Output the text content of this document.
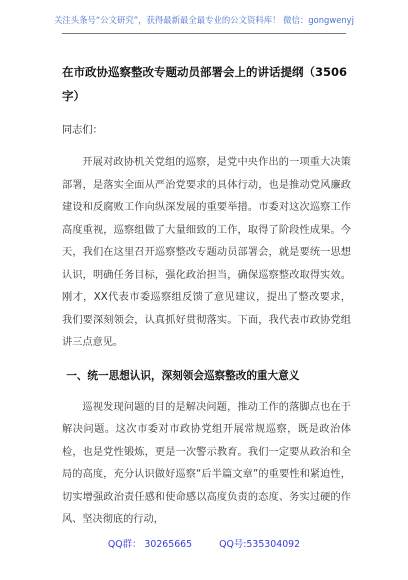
关注头条号“公文研究”，获得最新最全最专业的公文资料库！ 微信：gongwenyj
在市政协巡察整改专题动员部署会上的讲话提纲（3506字）
同志们：

开展对政协机关党组的巡察，是党中央作出的一项重大决策部署，是落实全面从严治党要求的具体行动，也是推动党风廉政建设和反腐败工作向纵深发展的重要举措。市委对这次巡察工作高度重视，巡察组做了大量细致的工作，取得了阶段性成果。今天，我们在这里召开巡察整改专题动员部署会，就是要统一思想认识，明确任务目标，强化政治担当，确保巡察整改取得实效。刚才，XX代表市委巡察组反馈了意见建议，提出了整改要求，我们要深刻领会，认真抓好贯彻落实。下面，我代表市政协党组讲三点意见。

一、统一思想认识，深刻领会巡察整改的重大意义

巡视发现问题的目的是解决问题，推动工作的落脚点也在于解决问题。这次市委对市政协党组开展常规巡察，既是政治体检，也是党性锻炼，更是一次警示教育。我们一定要从政治和全局的高度，充分认识做好巡察“后半篇文章”的重要性和紧迫性，切实增强政治责任感和使命感以高度负责的态度、务实过硬的作风、坚决彻底的行动，

QQ群： 30265665	QQ号:535304092
